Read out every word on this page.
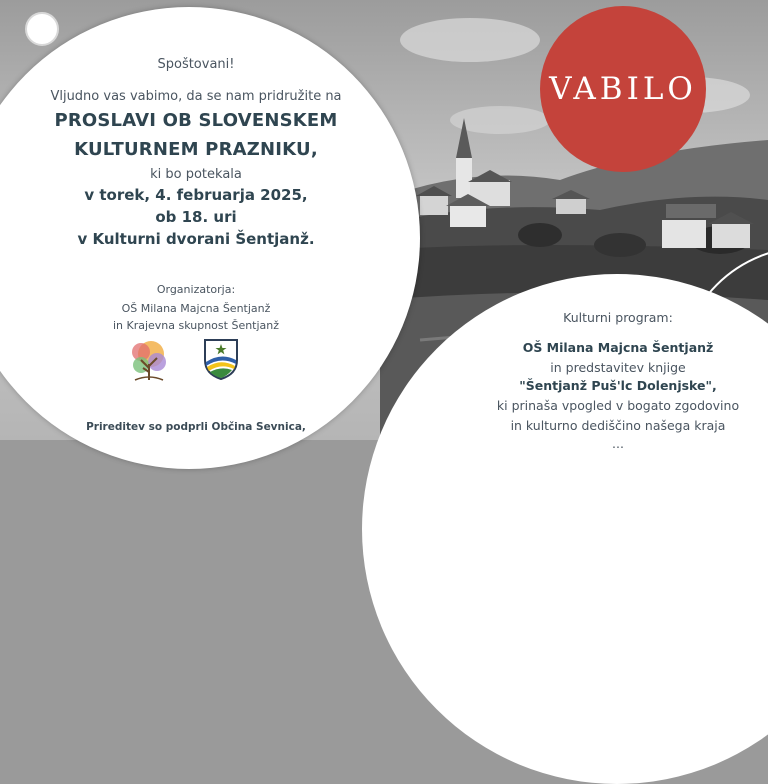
Spoštovani!
Vljudno vas vabimo, da se nam pridružite na
PROSLAVI OB SLOVENSKEM
KULTURNEM PRAZNIKU,
ki bo potekala
v torek, 4. februarja 2025,
ob 18. uri
v Kulturni dvorani Šentjanž.
Organizatorja:
OŠ Milana Majcna Šentjanž
in Krajevna skupnost Šentjanž
Prireditev so podprli Občina Sevnica,
VABILO
Kulturni program:
OŠ Milana Majcna Šentjanž
in predstavitev knjige
"Šentjanž Puš'lc Dolenjske",
ki prinaša vpogled v bogato zgodovino
in kulturno dediščino našega kraja
...
